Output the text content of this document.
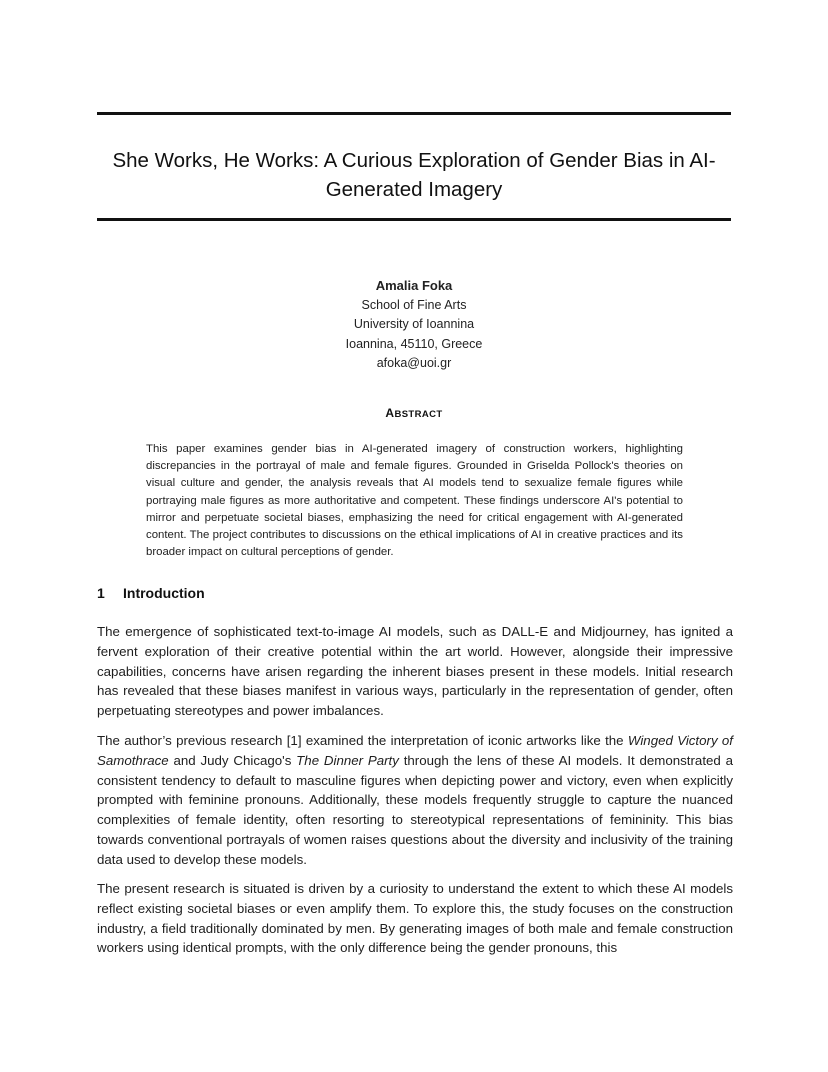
She Works, He Works: A Curious Exploration of Gender Bias in AI-Generated Imagery
Amalia Foka
School of Fine Arts
University of Ioannina
Ioannina, 45110, Greece
afoka@uoi.gr
ABSTRACT
This paper examines gender bias in AI-generated imagery of construction workers, highlighting discrepancies in the portrayal of male and female figures. Grounded in Griselda Pollock's theories on visual culture and gender, the analysis reveals that AI models tend to sexualize female figures while portraying male figures as more authoritative and competent. These findings underscore AI's potential to mirror and perpetuate societal biases, emphasizing the need for critical engagement with AI-generated content. The project contributes to discussions on the ethical implications of AI in creative practices and its broader impact on cultural perceptions of gender.
1 Introduction
The emergence of sophisticated text-to-image AI models, such as DALL-E and Midjourney, has ignited a fervent exploration of their creative potential within the art world. However, alongside their impressive capabilities, concerns have arisen regarding the inherent biases present in these models. Initial research has revealed that these biases manifest in various ways, particularly in the representation of gender, often perpetuating stereotypes and power imbalances.
The author’s previous research [1] examined the interpretation of iconic artworks like the Winged Victory of Samothrace and Judy Chicago's The Dinner Party through the lens of these AI models. It demonstrated a consistent tendency to default to masculine figures when depicting power and victory, even when explicitly prompted with feminine pronouns. Additionally, these models frequently struggle to capture the nuanced complexities of female identity, often resorting to stereotypical representations of femininity. This bias towards conventional portrayals of women raises questions about the diversity and inclusivity of the training data used to develop these models.
The present research is situated is driven by a curiosity to understand the extent to which these AI models reflect existing societal biases or even amplify them. To explore this, the study focuses on the construction industry, a field traditionally dominated by men. By generating images of both male and female construction workers using identical prompts, with the only difference being the gender pronouns, this
